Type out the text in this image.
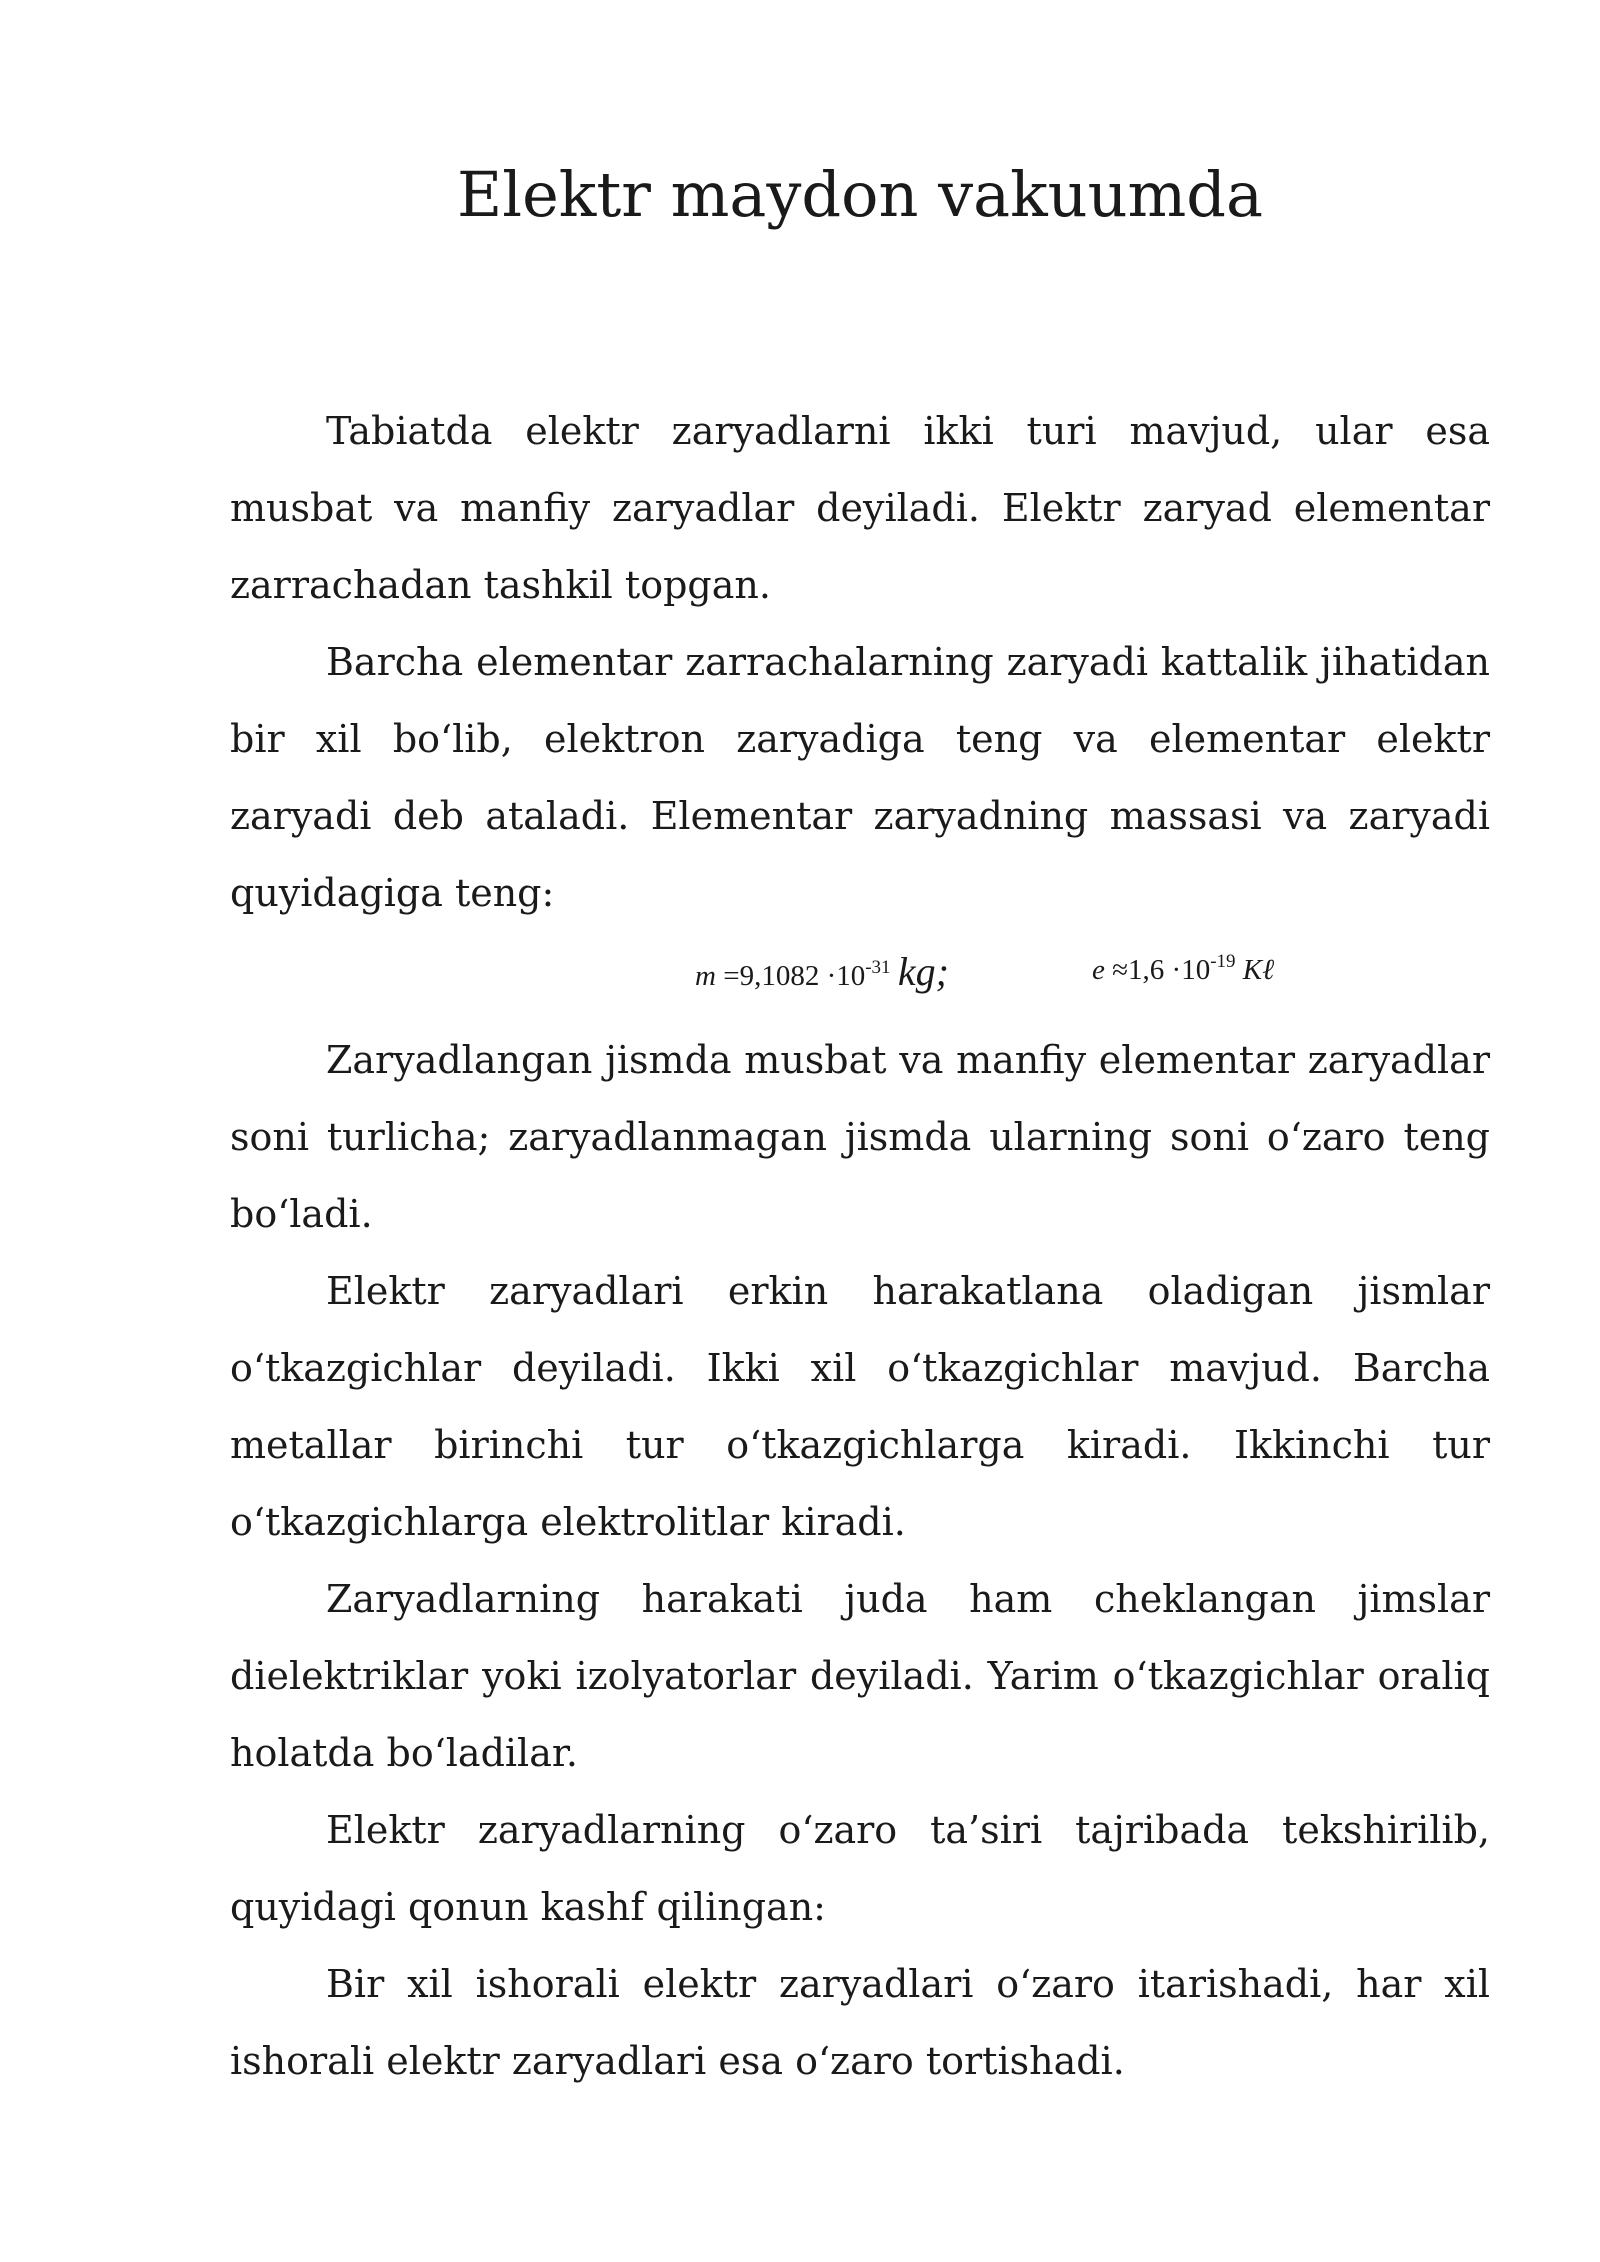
Elektr maydon vakuumda

Tabiatda elektr zaryadlarni ikki turi mavjud, ular esa musbat va manfiy zaryadlar deyiladi. Elektr zaryad elementar zarrachadan tashkil topgan.

Barcha elementar zarrachalarning zaryadi kattalik jihatidan bir xil bo‘lib, elektron zaryadiga teng va elementar elektr zaryadi deb ataladi. Elementar zaryadning massasi va zaryadi quyidagiga teng:

$m =9,1082 \cdot 10^{-31}$ kg;	$e \approx 1,6 \cdot 10^{-19}$ Kℓ

Zaryadlangan jismda musbat va manfiy elementar zaryadlar soni turlicha; zaryadlanmagan jismda ularning soni o‘zaro teng bo‘ladi.

Elektr zaryadlari erkin harakatlana oladigan jismlar o‘tkazgichlar deyiladi. Ikki xil o‘tkazgichlar mavjud. Barcha metallar birinchi tur o‘tkazgichlarga kiradi. Ikkinchi tur o‘tkazgichlarga elektrolitlar kiradi.

Zaryadlarning harakati juda ham cheklangan jimslar dielektriklar yoki izolyatorlar deyiladi. Yarim o‘tkazgichlar oraliq holatda bo‘ladilar.

Elektr zaryadlarning o‘zaro ta’siri tajribada tekshirilib, quyidagi qonun kashf qilingan:

Bir xil ishorali elektr zaryadlari o‘zaro itarishadi, har xil ishorali elektr zaryadlari esa o‘zaro tortishadi.
